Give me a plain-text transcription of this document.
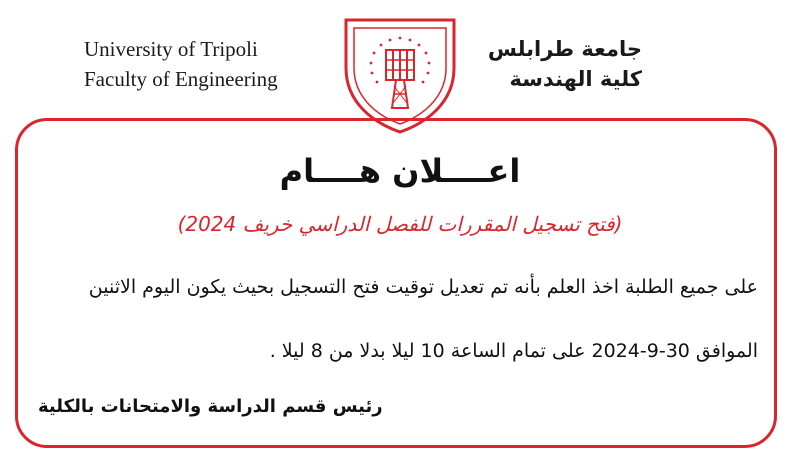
University of Tripoli
Faculty of Engineering
جامعة طرابلس
كلية الهندسة
اعــــلان هــــام
(فتح تسجيل المقررات للفصل الدراسي خريف 2024)
على جميع الطلبة اخذ العلم بأنه تم تعديل توقيت فتح التسجيل بحيث يكون اليوم الاثنين
الموافق 30-9-2024 على تمام الساعة 10 ليلا بدلا من 8 ليلا .
رئيس قسم الدراسة والامتحانات بالكلية
